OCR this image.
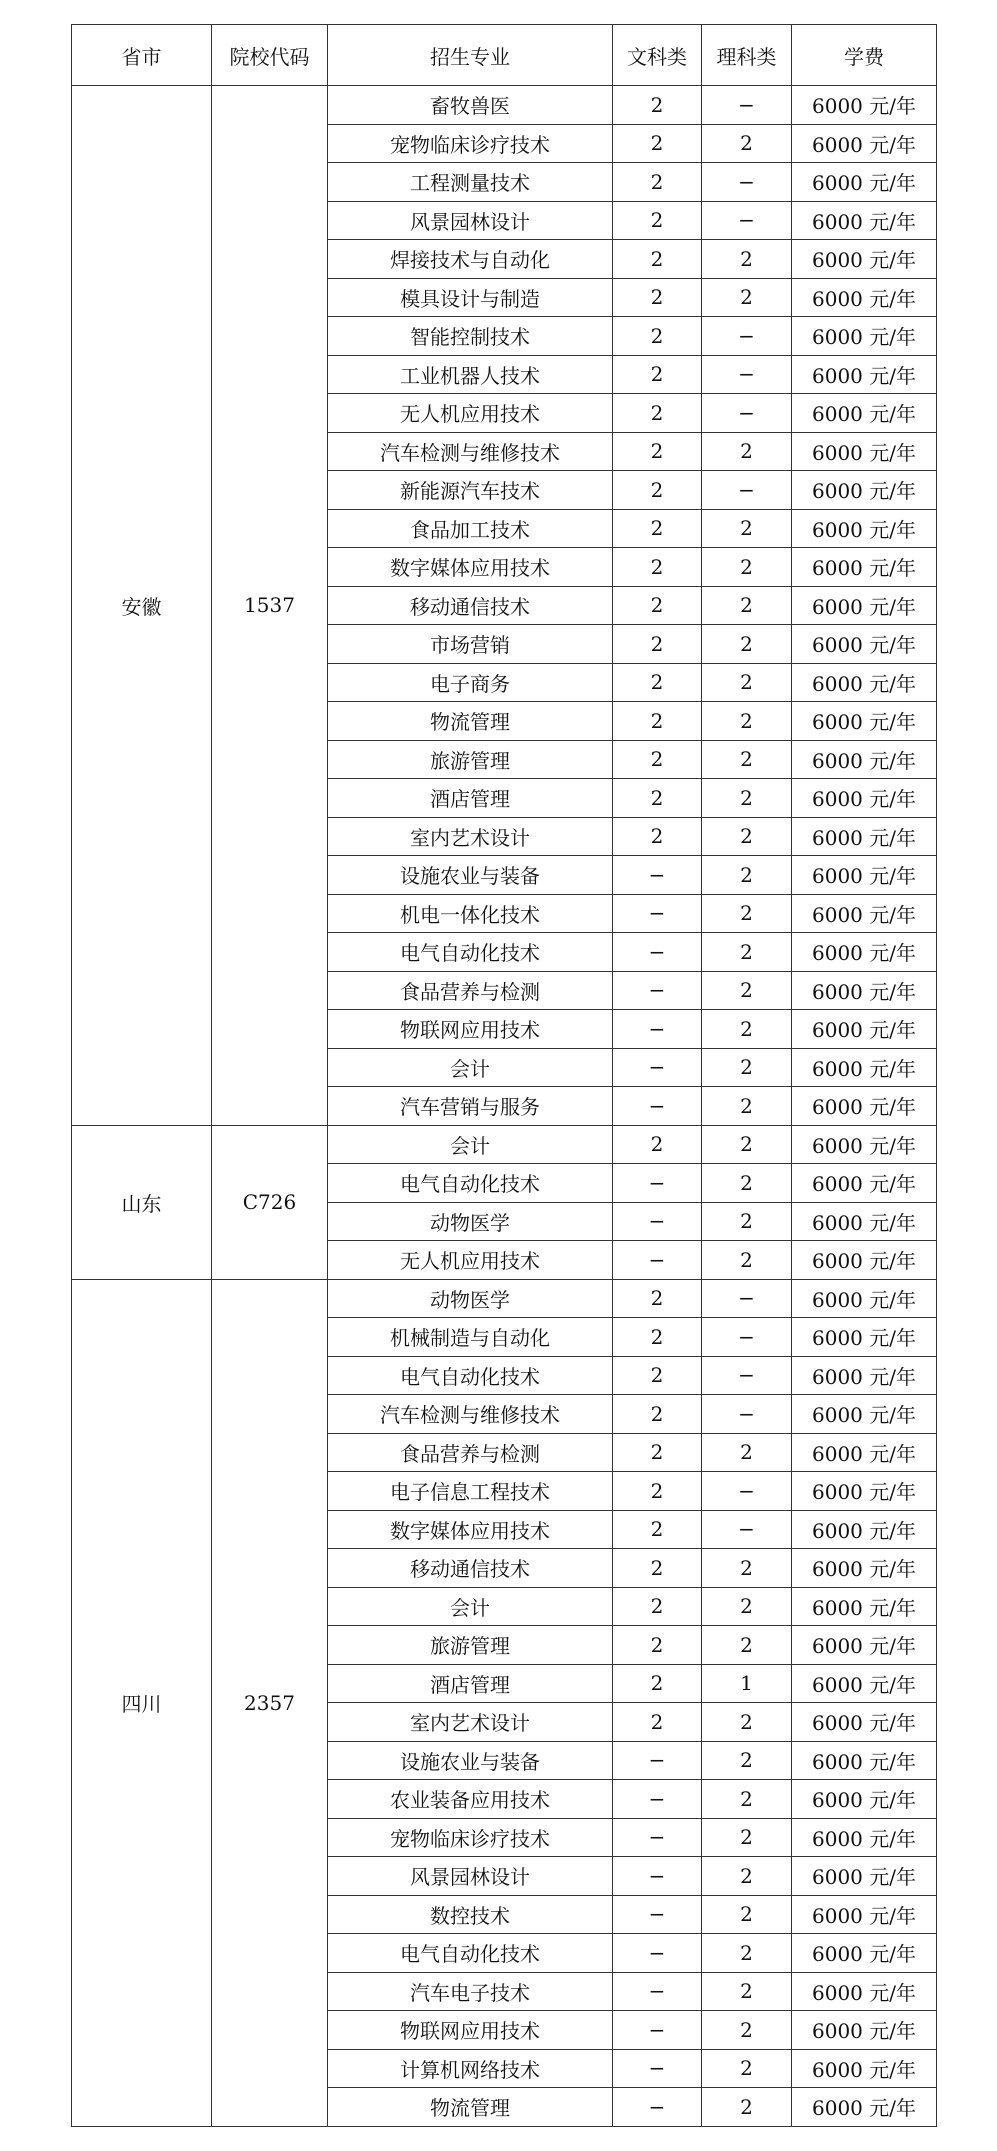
省市	院校代码	招生专业	文科类	理科类	学费
安徽	1537	畜牧兽医	2	−	6000 元/年
		宠物临床诊疗技术	2	2	6000 元/年
		工程测量技术	2	−	6000 元/年
		风景园林设计	2	−	6000 元/年
		焊接技术与自动化	2	2	6000 元/年
		模具设计与制造	2	2	6000 元/年
		智能控制技术	2	−	6000 元/年
		工业机器人技术	2	−	6000 元/年
		无人机应用技术	2	−	6000 元/年
		汽车检测与维修技术	2	2	6000 元/年
		新能源汽车技术	2	−	6000 元/年
		食品加工技术	2	2	6000 元/年
		数字媒体应用技术	2	2	6000 元/年
		移动通信技术	2	2	6000 元/年
		市场营销	2	2	6000 元/年
		电子商务	2	2	6000 元/年
		物流管理	2	2	6000 元/年
		旅游管理	2	2	6000 元/年
		酒店管理	2	2	6000 元/年
		室内艺术设计	2	2	6000 元/年
		设施农业与装备	−	2	6000 元/年
		机电一体化技术	−	2	6000 元/年
		电气自动化技术	−	2	6000 元/年
		食品营养与检测	−	2	6000 元/年
		物联网应用技术	−	2	6000 元/年
		会计	−	2	6000 元/年
		汽车营销与服务	−	2	6000 元/年
山东	C726	会计	2	2	6000 元/年
		电气自动化技术	−	2	6000 元/年
		动物医学	−	2	6000 元/年
		无人机应用技术	−	2	6000 元/年
四川	2357	动物医学	2	−	6000 元/年
		机械制造与自动化	2	−	6000 元/年
		电气自动化技术	2	−	6000 元/年
		汽车检测与维修技术	2	−	6000 元/年
		食品营养与检测	2	2	6000 元/年
		电子信息工程技术	2	−	6000 元/年
		数字媒体应用技术	2	−	6000 元/年
		移动通信技术	2	2	6000 元/年
		会计	2	2	6000 元/年
		旅游管理	2	2	6000 元/年
		酒店管理	2	1	6000 元/年
		室内艺术设计	2	2	6000 元/年
		设施农业与装备	−	2	6000 元/年
		农业装备应用技术	−	2	6000 元/年
		宠物临床诊疗技术	−	2	6000 元/年
		风景园林设计	−	2	6000 元/年
		数控技术	−	2	6000 元/年
		电气自动化技术	−	2	6000 元/年
		汽车电子技术	−	2	6000 元/年
		物联网应用技术	−	2	6000 元/年
		计算机网络技术	−	2	6000 元/年
		物流管理	−	2	6000 元/年
